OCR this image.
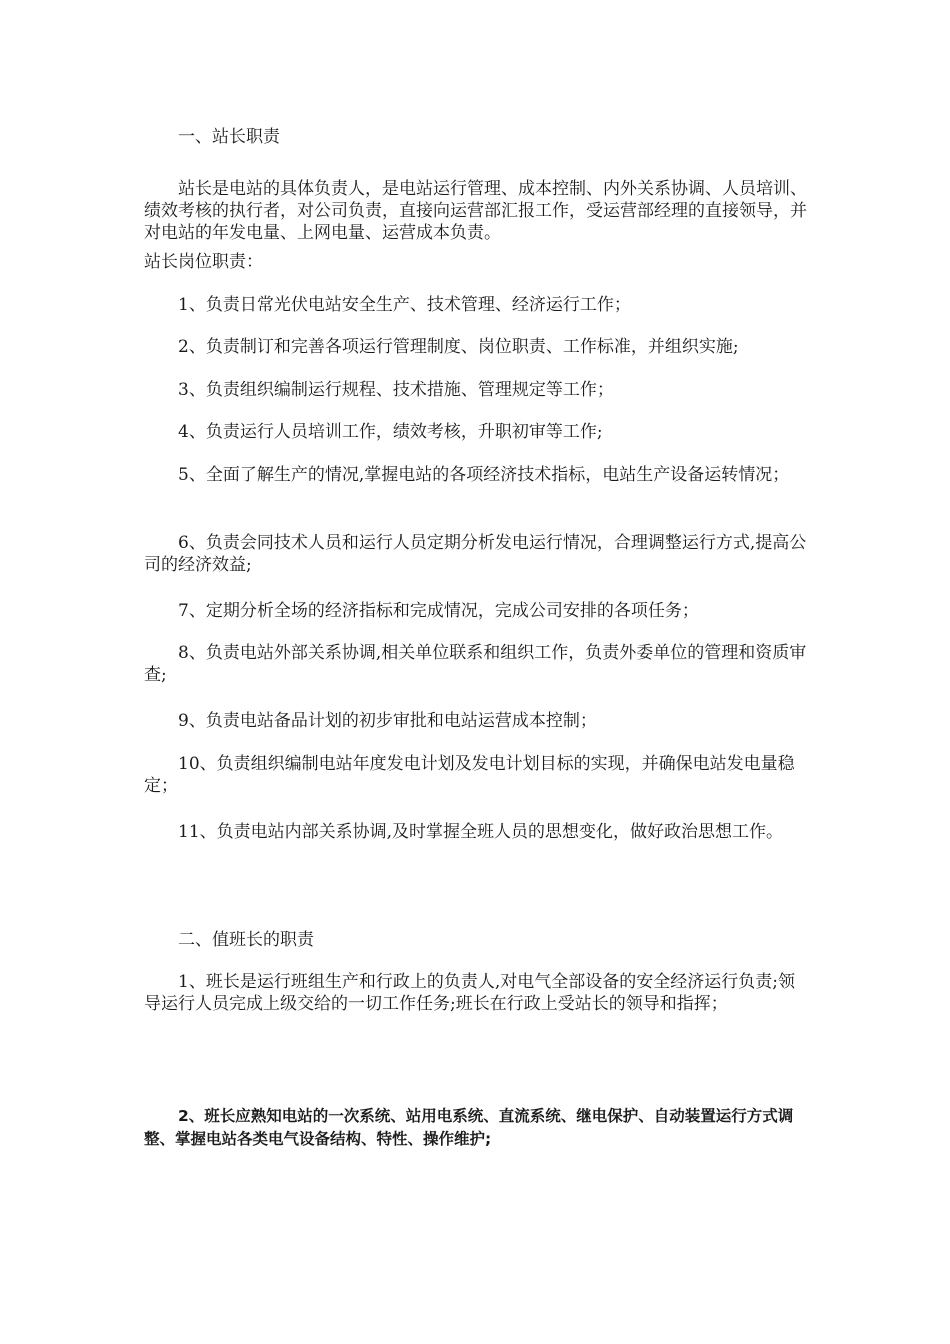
一、站长职责

站长是电站的具体负责人，是电站运行管理、成本控制、内外关系协调、人员培训、绩效考核的执行者，对公司负责，直接向运营部汇报工作，受运营部经理的直接领导，并对电站的年发电量、上网电量、运营成本负责。

站长岗位职责：

1、负责日常光伏电站安全生产、技术管理、经济运行工作；

2、负责制订和完善各项运行管理制度、岗位职责、工作标准，并组织实施;

3、负责组织编制运行规程、技术措施、管理规定等工作；

4、负责运行人员培训工作，绩效考核，升职初审等工作;

5、全面了解生产的情况,掌握电站的各项经济技术指标，电站生产设备运转情况；

6、负责会同技术人员和运行人员定期分析发电运行情况，合理调整运行方式,提高公司的经济效益;

7、定期分析全场的经济指标和完成情况，完成公司安排的各项任务；

8、负责电站外部关系协调,相关单位联系和组织工作，负责外委单位的管理和资质审查;

9、负责电站备品计划的初步审批和电站运营成本控制；

10、负责组织编制电站年度发电计划及发电计划目标的实现，并确保电站发电量稳定；

11、负责电站内部关系协调,及时掌握全班人员的思想变化，做好政治思想工作。

二、值班长的职责

1、班长是运行班组生产和行政上的负责人,对电气全部设备的安全经济运行负责;领导运行人员完成上级交给的一切工作任务;班长在行政上受站长的领导和指挥；

2、班长应熟知电站的一次系统、站用电系统、直流系统、继电保护、自动装置运行方式调整、掌握电站各类电气设备结构、特性、操作维护;
